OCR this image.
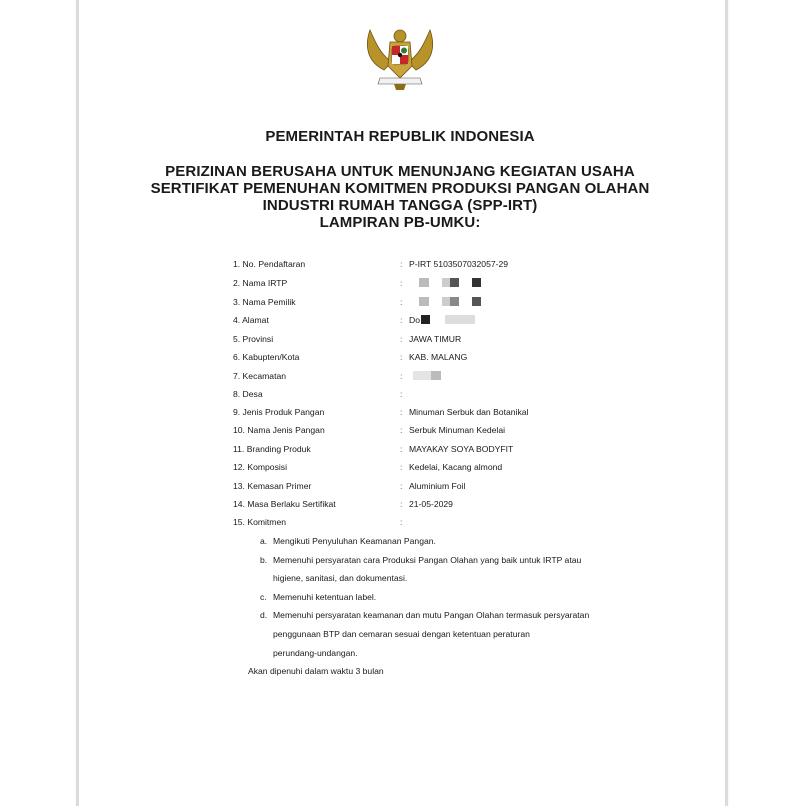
PEMERINTAH REPUBLIK INDONESIA
PERIZINAN BERUSAHA UNTUK MENUNJANG KEGIATAN USAHA
SERTIFIKAT PEMENUHAN KOMITMEN PRODUKSI PANGAN OLAHAN
INDUSTRI RUMAH TANGGA (SPP-IRT)
LAMPIRAN PB-UMKU:
1. No. Pendaftaran	: P-IRT 5103507032057-29
2. Nama IRTP	:
3. Nama Pemilik	:
4. Alamat	: Do
5. Provinsi	: JAWA TIMUR
6. Kabupten/Kota	: KAB. MALANG
7. Kecamatan	:
8. Desa	:
9. Jenis Produk Pangan	: Minuman Serbuk dan Botanikal
10. Nama Jenis Pangan	: Serbuk Minuman Kedelai
11. Branding Produk	: MAYAKAY SOYA BODYFIT
12. Komposisi	: Kedelai, Kacang almond
13. Kemasan Primer	: Aluminium Foil
14. Masa Berlaku Sertifikat	: 21-05-2029
15. Komitmen	:
a. Mengikuti Penyuluhan Keamanan Pangan.
b. Memenuhi persyaratan cara Produksi Pangan Olahan yang baik untuk IRTP atau
higiene, sanitasi, dan dokumentasi.
c. Memenuhi ketentuan label.
d. Memenuhi persyaratan keamanan dan mutu Pangan Olahan termasuk persyaratan
penggunaan BTP dan cemaran sesuai dengan ketentuan peraturan
perundang-undangan.
Akan dipenuhi dalam waktu 3 bulan
